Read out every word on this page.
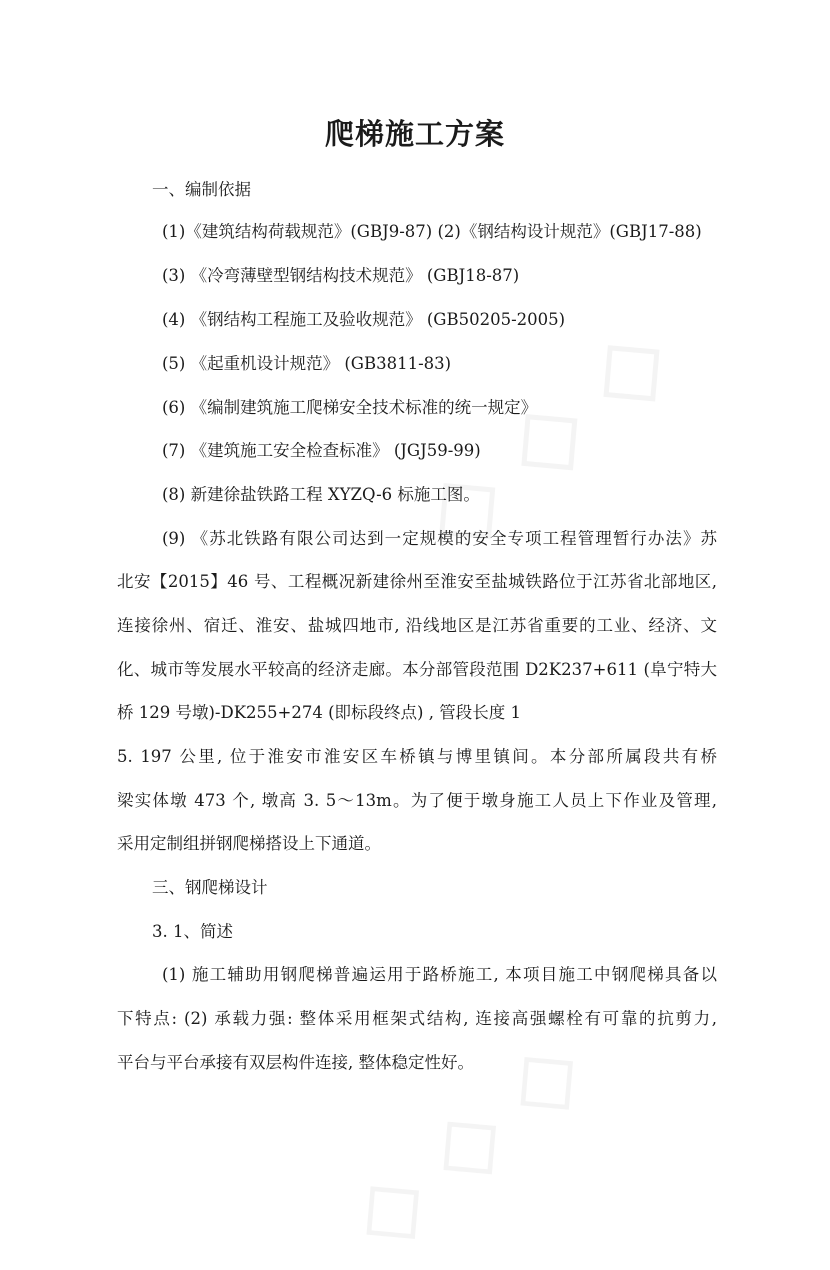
爬梯施工方案

一、编制依据

(1)《建筑结构荷载规范》(GBJ9-87) (2)《钢结构设计规范》(GBJ17-88)

(3) 《冷弯薄壁型钢结构技术规范》 (GBJ18-87)

(4) 《钢结构工程施工及验收规范》 (GB50205-2005)

(5) 《起重机设计规范》 (GB3811-83)

(6) 《编制建筑施工爬梯安全技术标准的统一规定》

(7) 《建筑施工安全检查标准》 (JGJ59-99)

(8) 新建徐盐铁路工程 XYZQ-6 标施工图。

(9) 《苏北铁路有限公司达到一定规模的安全专项工程管理暂行办法》苏

北安【2015】46 号、工程概况新建徐州至淮安至盐城铁路位于江苏省北部地区,

连接徐州、宿迁、淮安、盐城四地市, 沿线地区是江苏省重要的工业、经济、文

化、城市等发展水平较高的经济走廊。本分部管段范围 D2K237+611 (阜宁特大

桥 129 号墩)-DK255+274 (即标段终点) , 管段长度 1

5. 197 公里, 位于淮安市淮安区车桥镇与博里镇间。本分部所属段共有桥

梁实体墩 473 个, 墩高 3. 5～13m。为了便于墩身施工人员上下作业及管理,

采用定制组拼钢爬梯搭设上下通道。

三、钢爬梯设计

3. 1、简述

(1) 施工辅助用钢爬梯普遍运用于路桥施工, 本项目施工中钢爬梯具备以

下特点: (2) 承载力强: 整体采用框架式结构, 连接高强螺栓有可靠的抗剪力,

平台与平台承接有双层构件连接, 整体稳定性好。
